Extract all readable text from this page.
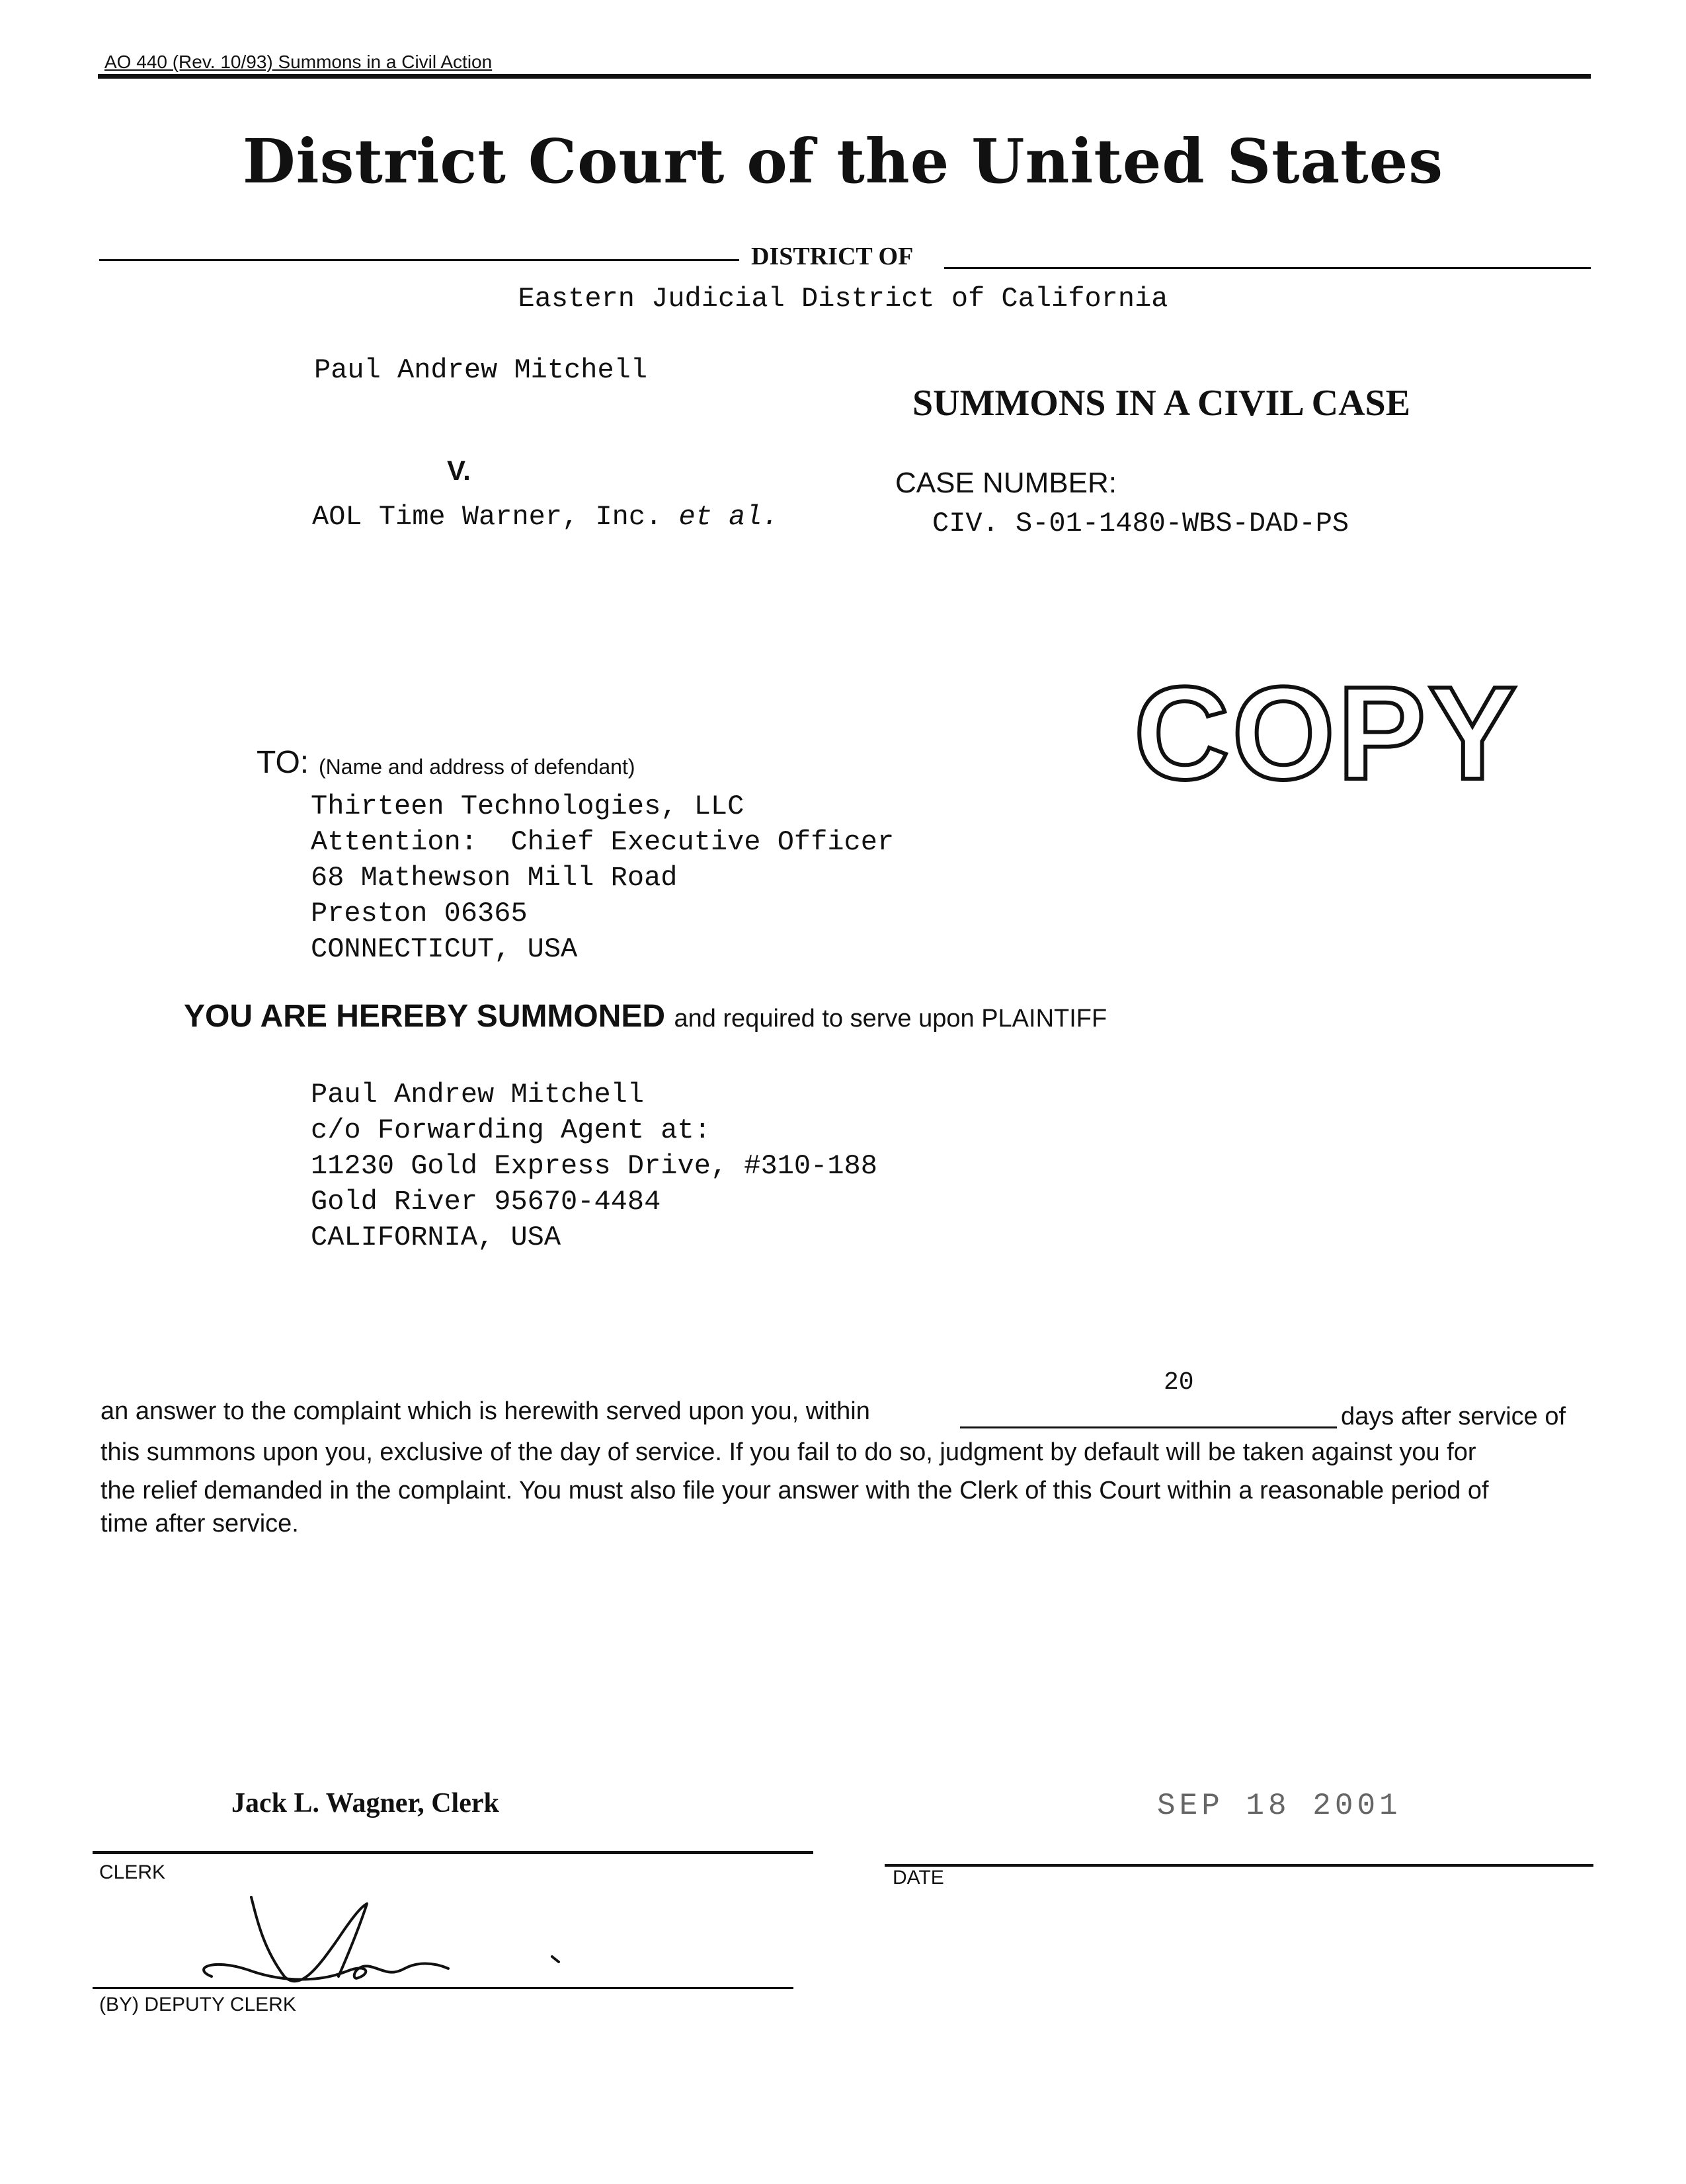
AO 440 (Rev. 10/93) Summons in a Civil Action
District Court of the United States
DISTRICT OF
Eastern Judicial District of California
Paul Andrew Mitchell
SUMMONS IN A CIVIL CASE
V.	CASE NUMBER:
AOL Time Warner, Inc. et al.	CIV. S-01-1480-WBS-DAD-PS
COPY
TO: (Name and address of defendant)
Thirteen Technologies, LLC
Attention:  Chief Executive Officer
68 Mathewson Mill Road
Preston 06365
CONNECTICUT, USA
YOU ARE HEREBY SUMMONED and required to serve upon PLAINTIFF
Paul Andrew Mitchell
c/o Forwarding Agent at:
11230 Gold Express Drive, #310-188
Gold River 95670-4484
CALIFORNIA, USA
20
an answer to the complaint which is herewith served upon you, within	days after service of
this summons upon you, exclusive of the day of service. If you fail to do so, judgment by default will be taken against you for
the relief demanded in the complaint. You must also file your answer with the Clerk of this Court within a reasonable period of
time after service.
Jack L. Wagner, Clerk	SEP 18 2001
CLERK	DATE
(BY) DEPUTY CLERK
